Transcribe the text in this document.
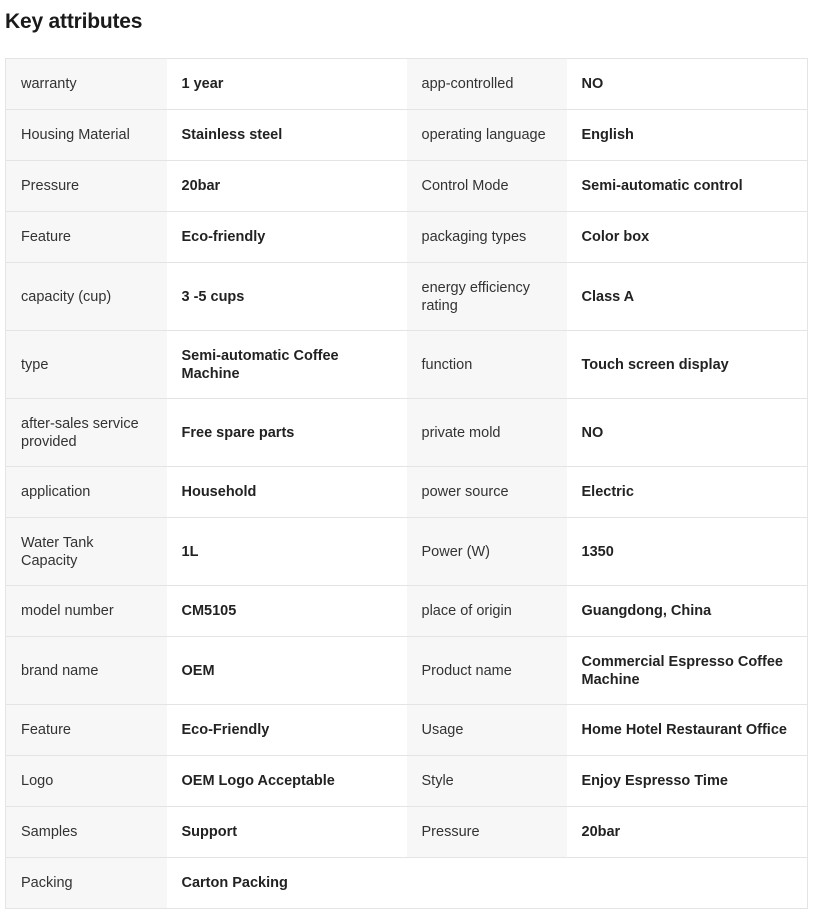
Key attributes
warranty	1 year	app-controlled	NO
Housing Material	Stainless steel	operating language	English
Pressure	20bar	Control Mode	Semi-automatic control
Feature	Eco-friendly	packaging types	Color box
capacity (cup)	3 -5 cups	energy efficiency rating	Class A
type	Semi-automatic Coffee Machine	function	Touch screen display
after-sales service provided	Free spare parts	private mold	NO
application	Household	power source	Electric
Water Tank Capacity	1L	Power (W)	1350
model number	CM5105	place of origin	Guangdong, China
brand name	OEM	Product name	Commercial Espresso Coffee Machine
Feature	Eco-Friendly	Usage	Home Hotel Restaurant Office
Logo	OEM Logo Acceptable	Style	Enjoy Espresso Time
Samples	Support	Pressure	20bar
Packing	Carton Packing		
